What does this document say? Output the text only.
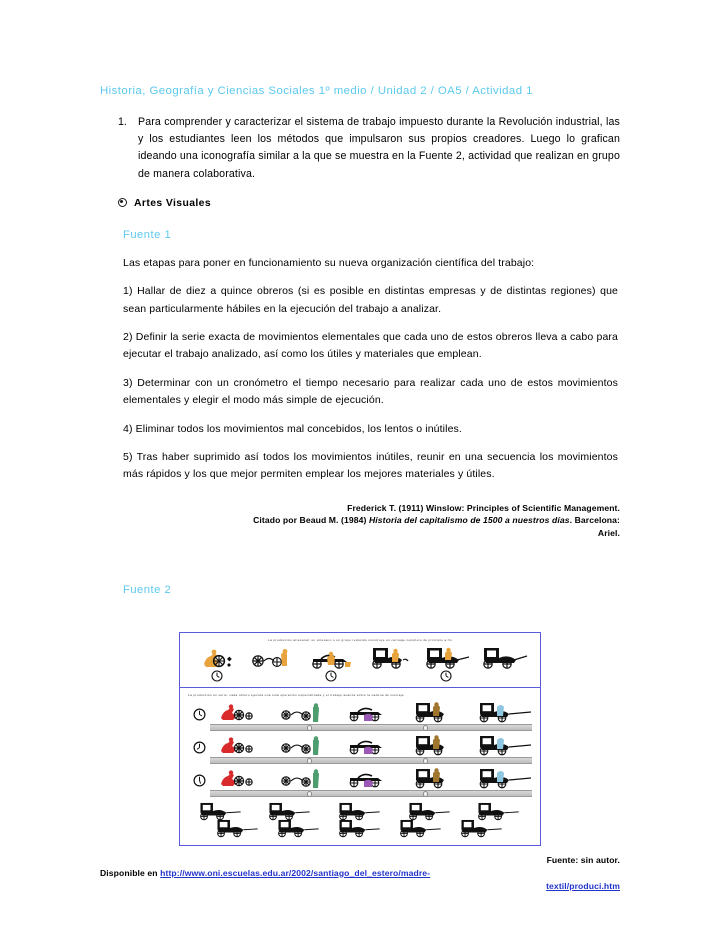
Historia, Geografía y Ciencias Sociales 1º medio / Unidad 2 / OA5 / Actividad 1
1.	Para comprender y caracterizar el sistema de trabajo impuesto durante la Revolución industrial, las y los estudiantes leen los métodos que impulsaron sus propios creadores. Luego lo grafican ideando una iconografía similar a la que se muestra en la Fuente 2, actividad que realizan en grupo de manera colaborativa.
Artes Visuales
Fuente 1

Las etapas para poner en funcionamiento su nueva organización científica del trabajo:

1) Hallar de diez a quince obreros (si es posible en distintas empresas y de distintas regiones) que sean particularmente hábiles en la ejecución del trabajo a analizar.

2) Definir la serie exacta de movimientos elementales que cada uno de estos obreros lleva a cabo para ejecutar el trabajo analizado, así como los útiles y materiales que emplean.

3) Determinar con un cronómetro el tiempo necesario para realizar cada uno de estos movimientos elementales y elegir el modo más simple de ejecución.

4) Eliminar todos los movimientos mal concebidos, los lentos o inútiles.

5) Tras haber suprimido así todos los movimientos inútiles, reunir en una secuencia los movimientos más rápidos y los que mejor permiten emplear los mejores materiales y útiles.

Frederick T. (1911) Winslow: Principles of Scientific Management.
Citado por Beaud M. (1984) Historia del capitalismo de 1500 a nuestros días. Barcelona:
Ariel.
Fuente 2
La producción artesanal: un artesano o un grupo reducido construye un carruaje completo de principio a fin
La producción en serie: cada obrero ejecuta una sola operación especializada y el trabajo avanza sobre la cadena de montaje
Fuente: sin autor.
Disponible en http://www.oni.escuelas.edu.ar/2002/santiago_del_estero/madre-
textil/produci.htm
